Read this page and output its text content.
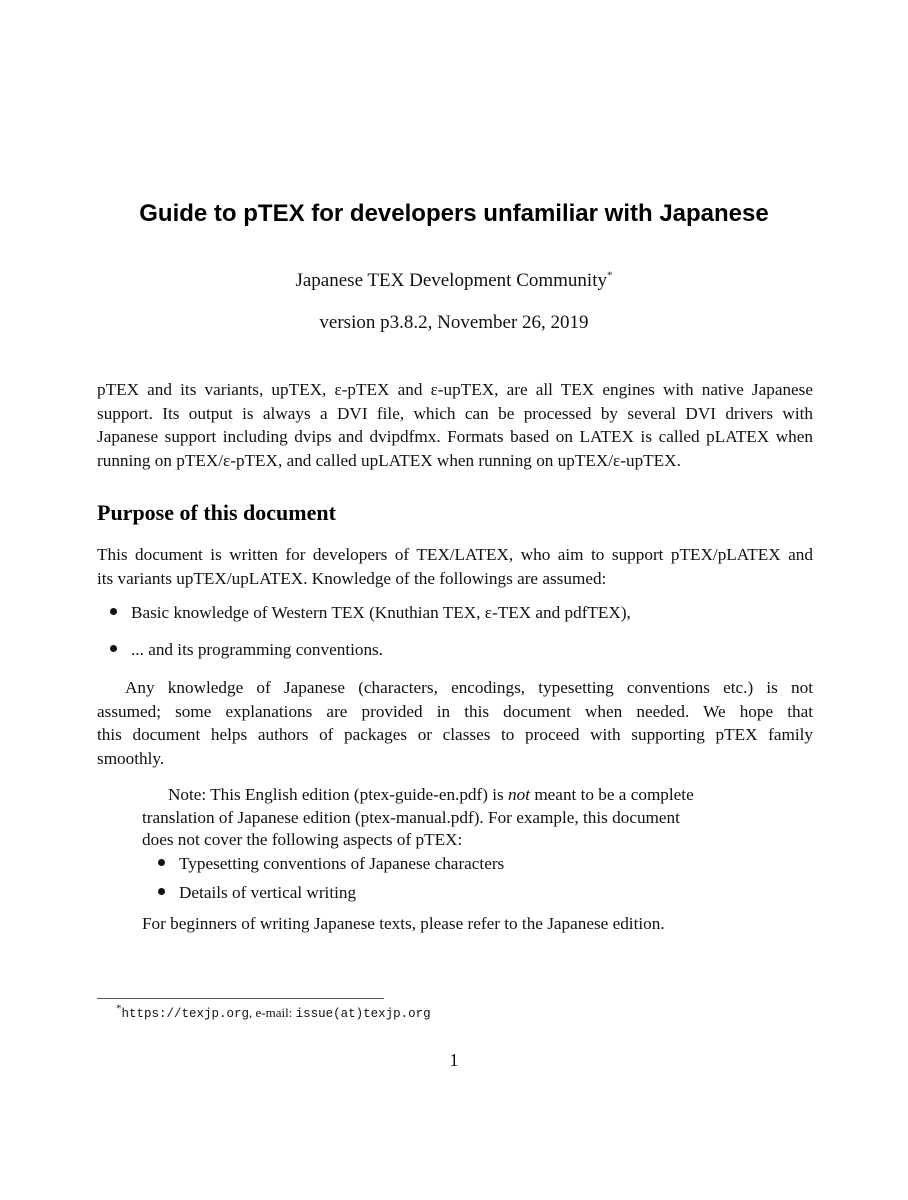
Guide to pTEX for developers unfamiliar with Japanese
Japanese TEX Development Community*
version p3.8.2, November 26, 2019
pTEX and its variants, upTEX, ε-pTEX and ε-upTEX, are all TEX engines with native Japanese
support. Its output is always a DVI file, which can be processed by several DVI drivers with
Japanese support including dvips and dvipdfmx. Formats based on LATEX is called pLATEX when
running on pTEX/ε-pTEX, and called upLATEX when running on upTEX/ε-upTEX.
Purpose of this document
This document is written for developers of TEX/LATEX, who aim to support pTEX/pLATEX and
its variants upTEX/upLATEX. Knowledge of the followings are assumed:
Basic knowledge of Western TEX (Knuthian TEX, ε-TEX and pdfTEX),
... and its programming conventions.
Any knowledge of Japanese (characters, encodings, typesetting conventions etc.) is not
assumed; some explanations are provided in this document when needed. We hope that
this document helps authors of packages or classes to proceed with supporting pTEX family
smoothly.
Note: This English edition (ptex-guide-en.pdf) is not meant to be a complete
translation of Japanese edition (ptex-manual.pdf). For example, this document
does not cover the following aspects of pTEX:
Typesetting conventions of Japanese characters
Details of vertical writing
For beginners of writing Japanese texts, please refer to the Japanese edition.
*https://texjp.org, e-mail: issue(at)texjp.org
1
